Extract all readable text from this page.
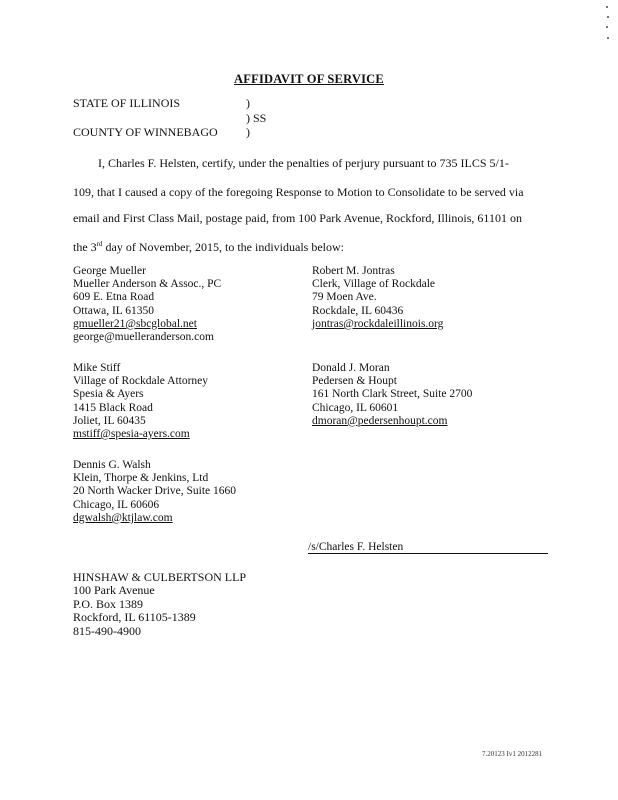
AFFIDAVIT OF SERVICE
STATE OF ILLINOIS	)
) SS
COUNTY OF WINNEBAGO )
I, Charles F. Helsten, certify, under the penalties of perjury pursuant to 735 ILCS 5/1-
109, that I caused a copy of the foregoing Response to Motion to Consolidate to be served via
email and First Class Mail, postage paid, from 100 Park Avenue, Rockford, Illinois, 61101 on
the 3rd day of November, 2015, to the individuals below:
George Mueller
Mueller Anderson & Assoc., PC
609 E. Etna Road
Ottawa, IL 61350
gmueller21@sbcglobal.net
george@muelleranderson.com
Robert M. Jontras
Clerk, Village of Rockdale
79 Moen Ave.
Rockdale, IL 60436
jontras@rockdaleillinois.org
Mike Stiff
Village of Rockdale Attorney
Spesia & Ayers
1415 Black Road
Joliet, IL 60435
mstiff@spesia-ayers.com
Donald J. Moran
Pedersen & Houpt
161 North Clark Street, Suite 2700
Chicago, IL 60601
dmoran@pedersenhoupt.com
Dennis G. Walsh
Klein, Thorpe & Jenkins, Ltd
20 North Wacker Drive, Suite 1660
Chicago, IL 60606
dgwalsh@ktjlaw.com
/s/Charles F. Helsten
HINSHAW & CULBERTSON LLP
100 Park Avenue
P.O. Box 1389
Rockford, IL 61105-1389
815-490-4900
7.20123 Iv1 2012281
